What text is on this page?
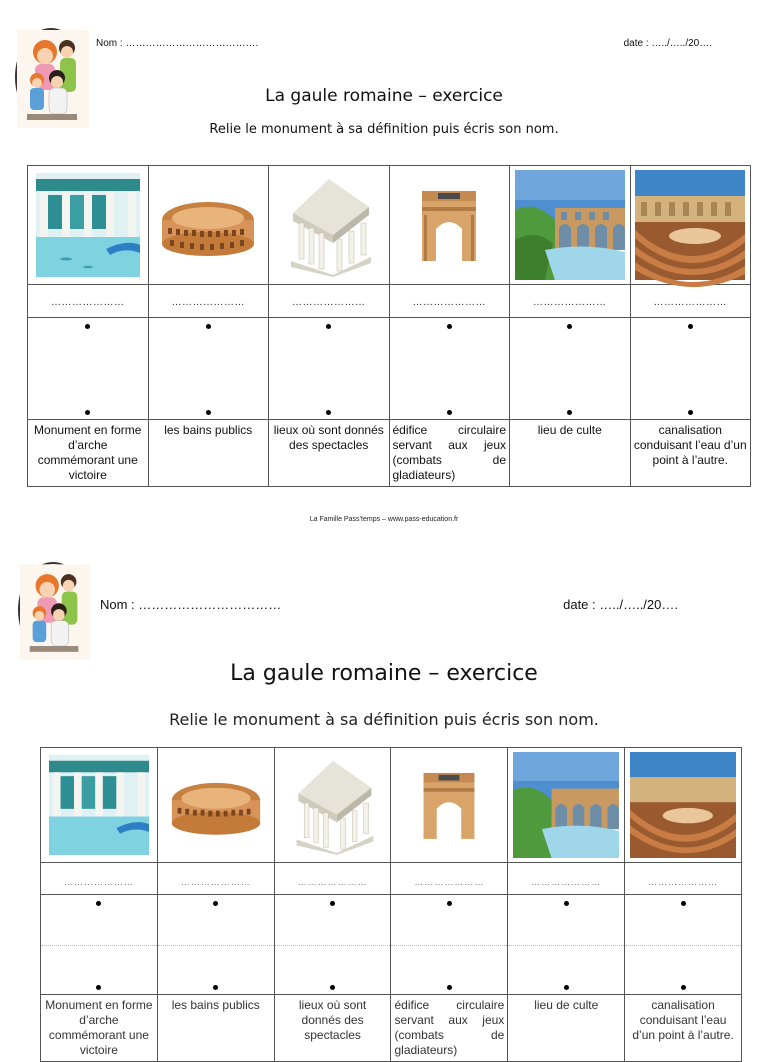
Nom : ………………………………….	date : …../…../20….
La gaule romaine – exercice
Relie le monument à sa définition puis écris son nom.

…………………	…………………	…………………	…………………	…………………	…………………

Monument en forme d’arche commémorant une victoire	les bains publics	lieux où sont donnés des spectacles	édifice circulaire servant aux jeux (combats de gladiateurs)	lieu de culte	canalisation conduisant l’eau d’un point à l’autre.
La Famille Pass’temps – www.pass-education.fr
Nom : ……………………………	date : …../…../20….
La gaule romaine – exercice
Relie le monument à sa définition puis écris son nom.

…………………	…………………	…………………	…………………	…………………	…………………

Monument en forme d’arche commémorant une victoire	les bains publics	lieux où sont donnés des spectacles	édifice circulaire servant aux jeux (combats de gladiateurs)	lieu de culte	canalisation conduisant l’eau d’un point à l’autre.
